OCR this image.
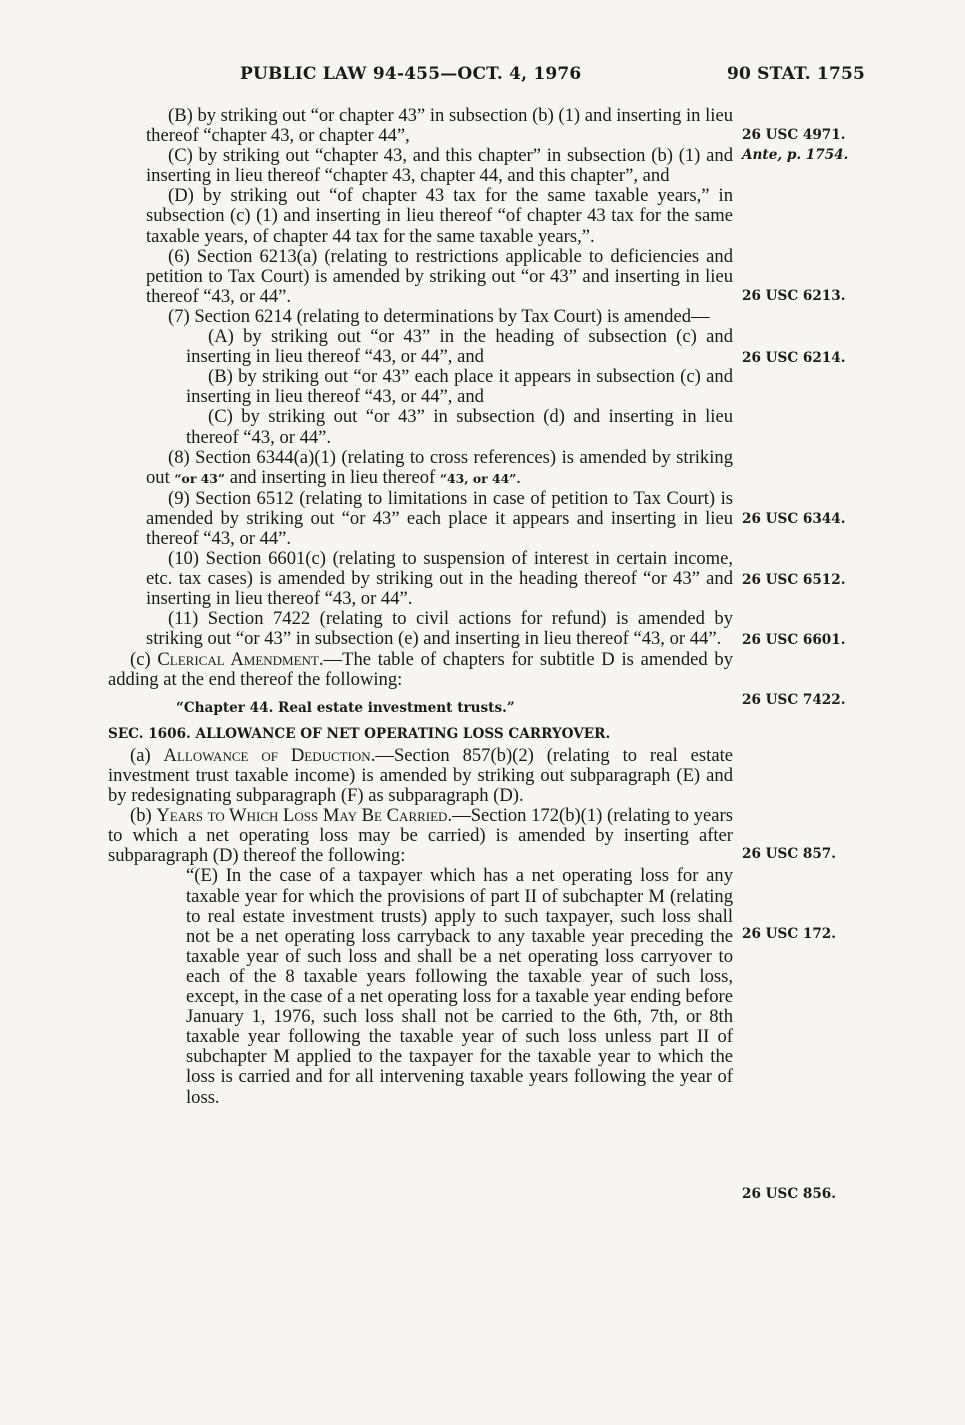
PUBLIC LAW 94-455—OCT. 4, 1976	90 STAT. 1755

(B) by striking out “or chapter 43” in subsection (b) (1) and inserting in lieu thereof “chapter 43, or chapter 44”,

(C) by striking out “chapter 43, and this chapter” in subsection (b) (1) and inserting in lieu thereof “chapter 43, chapter 44, and this chapter”, and

(D) by striking out “of chapter 43 tax for the same taxable years,” in subsection (c) (1) and inserting in lieu thereof “of chapter 43 tax for the same taxable years, of chapter 44 tax for the same taxable years,”.

(6) Section 6213(a) (relating to restrictions applicable to deficiencies and petition to Tax Court) is amended by striking out “or 43” and inserting in lieu thereof “43, or 44”.

(7) Section 6214 (relating to determinations by Tax Court) is amended—

(A) by striking out “or 43” in the heading of subsection (c) and inserting in lieu thereof “43, or 44”, and

(B) by striking out “or 43” each place it appears in subsection (c) and inserting in lieu thereof “43, or 44”, and

(C) by striking out “or 43” in subsection (d) and inserting in lieu thereof “43, or 44”.

(8) Section 6344(a)(1) (relating to cross references) is amended by striking out “or 43” and inserting in lieu thereof “43, or 44”.

(9) Section 6512 (relating to limitations in case of petition to Tax Court) is amended by striking out “or 43” each place it appears and inserting in lieu thereof “43, or 44”.

(10) Section 6601(c) (relating to suspension of interest in certain income, etc. tax cases) is amended by striking out in the heading thereof “or 43” and inserting in lieu thereof “43, or 44”.

(11) Section 7422 (relating to civil actions for refund) is amended by striking out “or 43” in subsection (e) and inserting in lieu thereof “43, or 44”.

(c) Clerical Amendment.—The table of chapters for subtitle D is amended by adding at the end thereof the following:

“Chapter 44. Real estate investment trusts.”

SEC. 1606. ALLOWANCE OF NET OPERATING LOSS CARRYOVER.

(a) Allowance of Deduction.—Section 857(b)(2) (relating to real estate investment trust taxable income) is amended by striking out subparagraph (E) and by redesignating subparagraph (F) as subparagraph (D).

(b) Years to Which Loss May Be Carried.—Section 172(b)(1) (relating to years to which a net operating loss may be carried) is amended by inserting after subparagraph (D) thereof the following:

“(E) In the case of a taxpayer which has a net operating loss for any taxable year for which the provisions of part II of subchapter M (relating to real estate investment trusts) apply to such taxpayer, such loss shall not be a net operating loss carryback to any taxable year preceding the taxable year of such loss and shall be a net operating loss carryover to each of the 8 taxable years following the taxable year of such loss, except, in the case of a net operating loss for a taxable year ending before January 1, 1976, such loss shall not be carried to the 6th, 7th, or 8th taxable year following the taxable year of such loss unless part II of subchapter M applied to the taxpayer for the taxable year to which the loss is carried and for all intervening taxable years following the year of loss.

26 USC 4971.
Ante, p. 1754.
26 USC 6213.
26 USC 6214.
26 USC 6344.
26 USC 6512.
26 USC 6601.
26 USC 7422.
26 USC 857.
26 USC 172.
26 USC 856.
